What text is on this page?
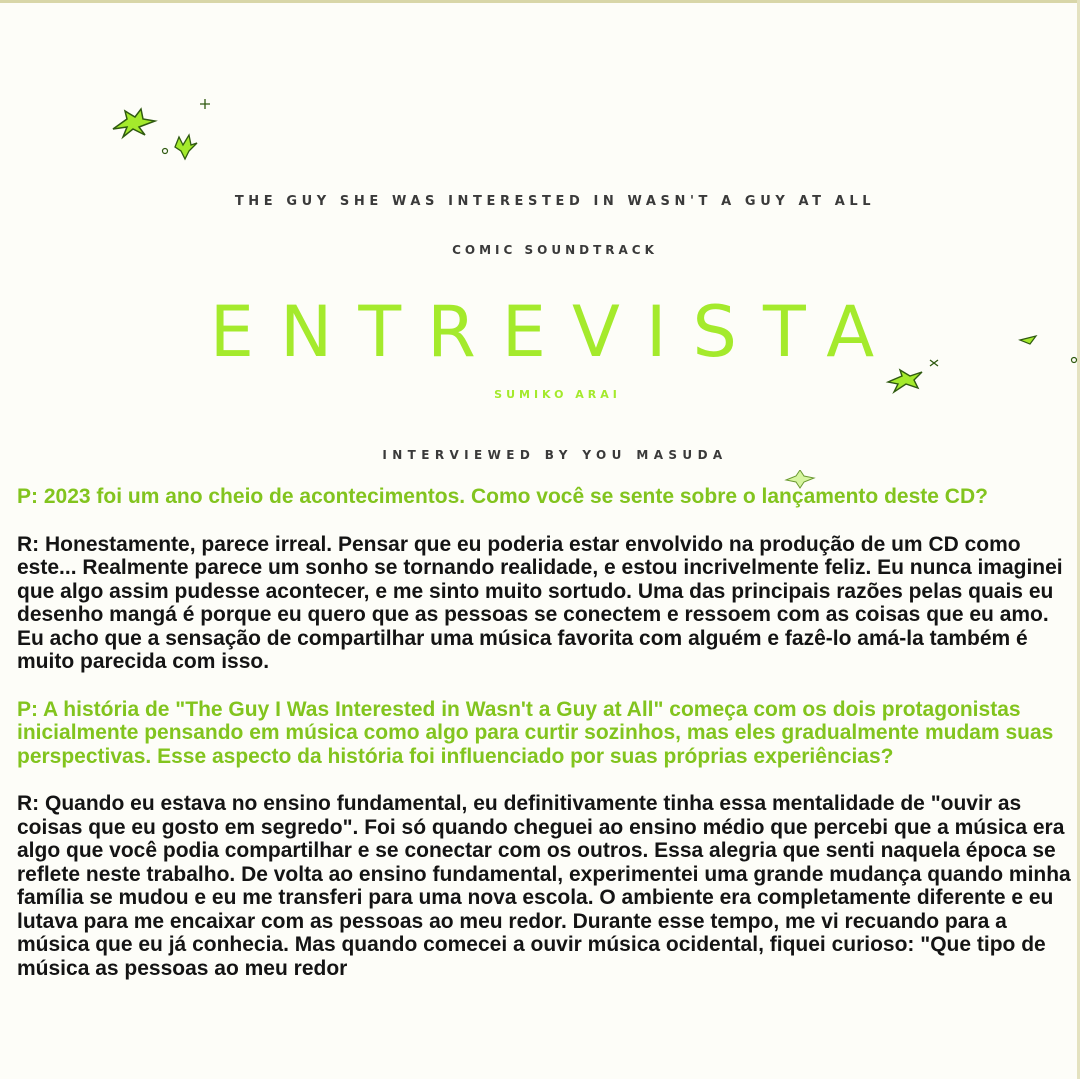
THE GUY SHE WAS INTERESTED IN WASN'T A GUY AT ALL
COMIC SOUNDTRACK
ENTREVISTA
SUMIKO ARAI
INTERVIEWED BY YOU MASUDA

P: 2023 foi um ano cheio de acontecimentos. Como você se sente sobre o lançamento deste CD?

R: Honestamente, parece irreal. Pensar que eu poderia estar envolvido na produção de um CD como este... Realmente parece um sonho se tornando realidade, e estou incrivelmente feliz. Eu nunca imaginei que algo assim pudesse acontecer, e me sinto muito sortudo. Uma das principais razões pelas quais eu desenho mangá é porque eu quero que as pessoas se conectem e ressoem com as coisas que eu amo. Eu acho que a sensação de compartilhar uma música favorita com alguém e fazê-lo amá-la também é muito parecida com isso.

P: A história de "The Guy I Was Interested in Wasn't a Guy at All" começa com os dois protagonistas inicialmente pensando em música como algo para curtir sozinhos, mas eles gradualmente mudam suas perspectivas. Esse aspecto da história foi influenciado por suas próprias experiências?

R: Quando eu estava no ensino fundamental, eu definitivamente tinha essa mentalidade de "ouvir as coisas que eu gosto em segredo". Foi só quando cheguei ao ensino médio que percebi que a música era algo que você podia compartilhar e se conectar com os outros. Essa alegria que senti naquela época se reflete neste trabalho. De volta ao ensino fundamental, experimentei uma grande mudança quando minha família se mudou e eu me transferi para uma nova escola. O ambiente era completamente diferente e eu lutava para me encaixar com as pessoas ao meu redor. Durante esse tempo, me vi recuando para a música que eu já conhecia. Mas quando comecei a ouvir música ocidental, fiquei curioso: "Que tipo de música as pessoas ao meu redor
